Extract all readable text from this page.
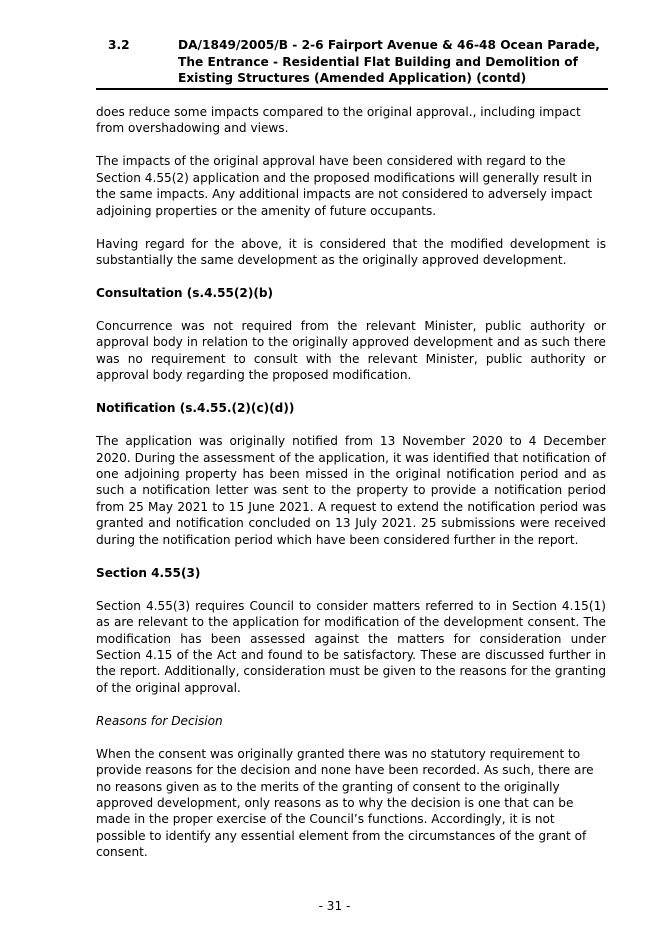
3.2	DA/1849/2005/B - 2-6 Fairport Avenue & 46-48 Ocean Parade, The Entrance - Residential Flat Building and Demolition of Existing Structures (Amended Application) (contd)

does reduce some impacts compared to the original approval., including impact from overshadowing and views.

The impacts of the original approval have been considered with regard to the Section 4.55(2) application and the proposed modifications will generally result in the same impacts. Any additional impacts are not considered to adversely impact adjoining properties or the amenity of future occupants.

Having regard for the above, it is considered that the modified development is substantially the same development as the originally approved development.

Consultation (s.4.55(2)(b)

Concurrence was not required from the relevant Minister, public authority or approval body in relation to the originally approved development and as such there was no requirement to consult with the relevant Minister, public authority or approval body regarding the proposed modification.

Notification (s.4.55.(2)(c)(d))

The application was originally notified from 13 November 2020 to 4 December 2020. During the assessment of the application, it was identified that notification of one adjoining property has been missed in the original notification period and as such a notification letter was sent to the property to provide a notification period from 25 May 2021 to 15 June 2021. A request to extend the notification period was granted and notification concluded on 13 July 2021. 25 submissions were received during the notification period which have been considered further in the report.

Section 4.55(3)

Section 4.55(3) requires Council to consider matters referred to in Section 4.15(1) as are relevant to the application for modification of the development consent. The modification has been assessed against the matters for consideration under Section 4.15 of the Act and found to be satisfactory. These are discussed further in the report. Additionally, consideration must be given to the reasons for the granting of the original approval.

Reasons for Decision

When the consent was originally granted there was no statutory requirement to provide reasons for the decision and none have been recorded. As such, there are no reasons given as to the merits of the granting of consent to the originally approved development, only reasons as to why the decision is one that can be made in the proper exercise of the Council’s functions. Accordingly, it is not possible to identify any essential element from the circumstances of the grant of consent.

- 31 -
